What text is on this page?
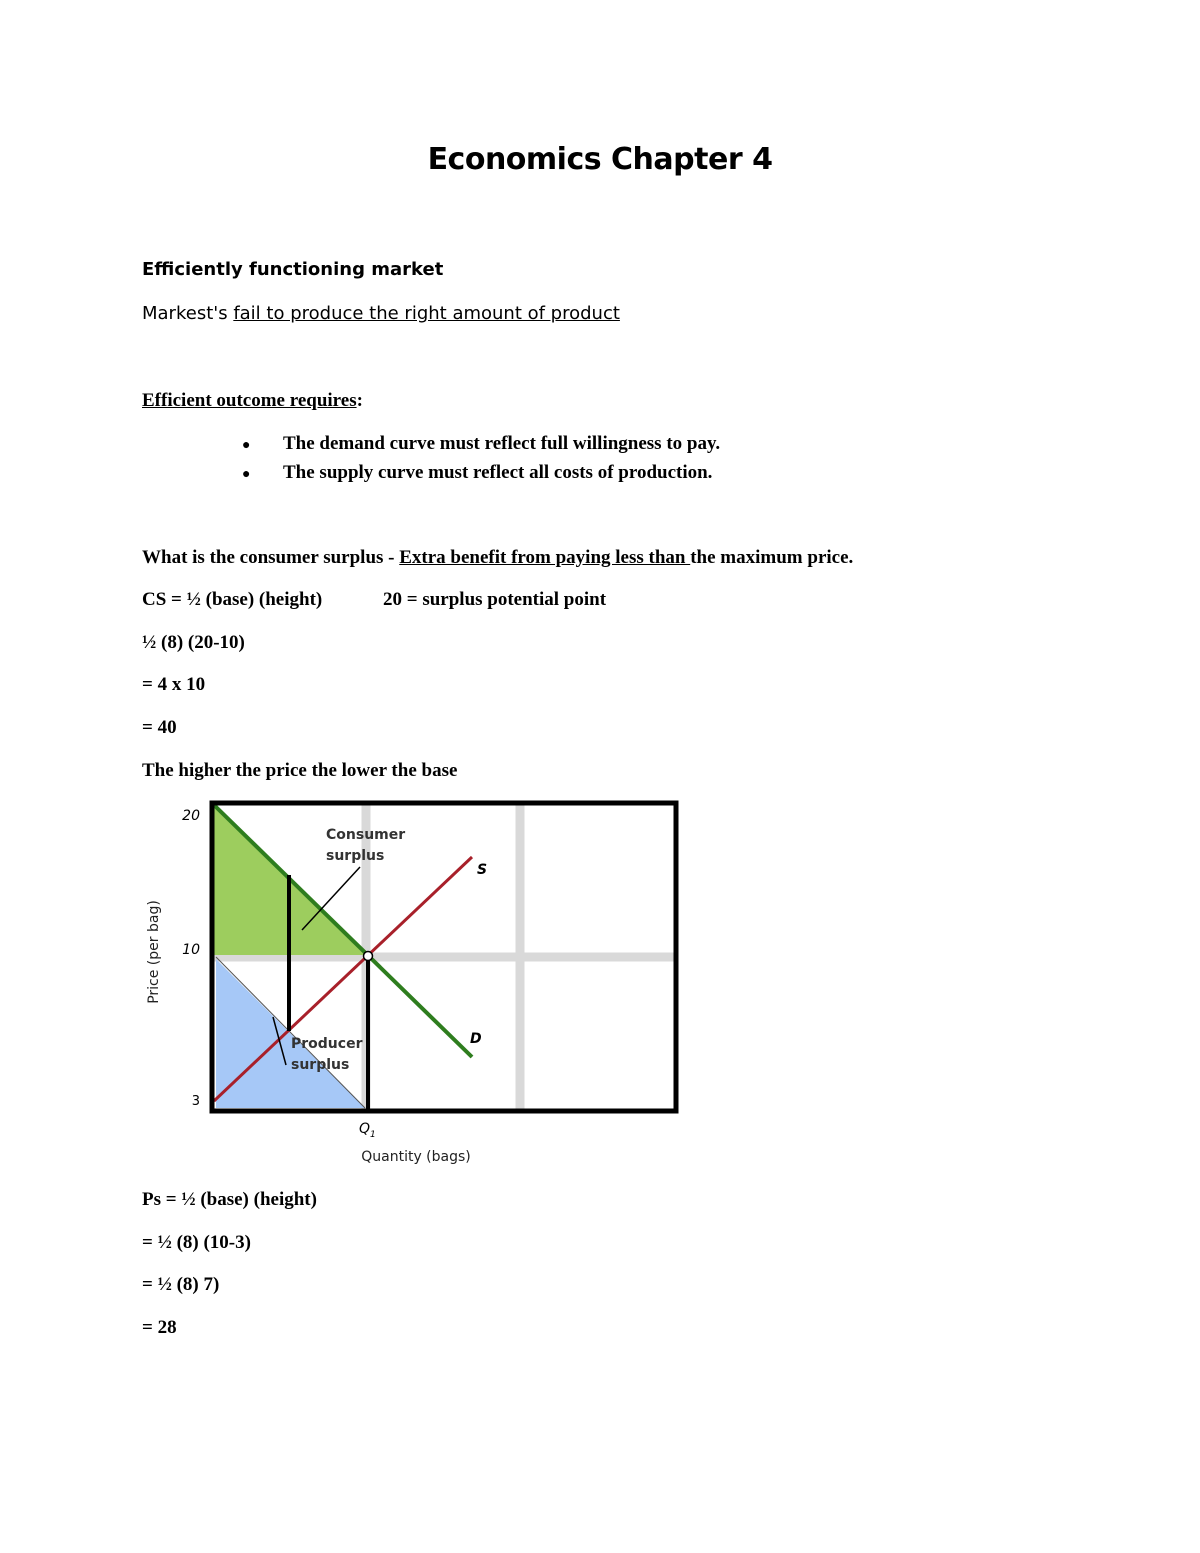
Economics Chapter 4
Efficiently functioning market
Markest's fail to produce the right amount of product
Efficient outcome requires:
● The demand curve must reflect full willingness to pay.
● The supply curve must reflect all costs of production.
What is the consumer surplus - Extra benefit from paying less than the maximum price.
CS = ½ (base) (height)	20 = surplus potential point
½ (8) (20-10)
= 4 x 10
= 40
The higher the price the lower the base
20
10
3
S
D
Consumer
surplus
Producer
surplus
$Q_1$
Quantity (bags)
Price (per bag)
Ps = ½ (base) (height)
= ½ (8) (10-3)
= ½ (8) 7)
= 28
